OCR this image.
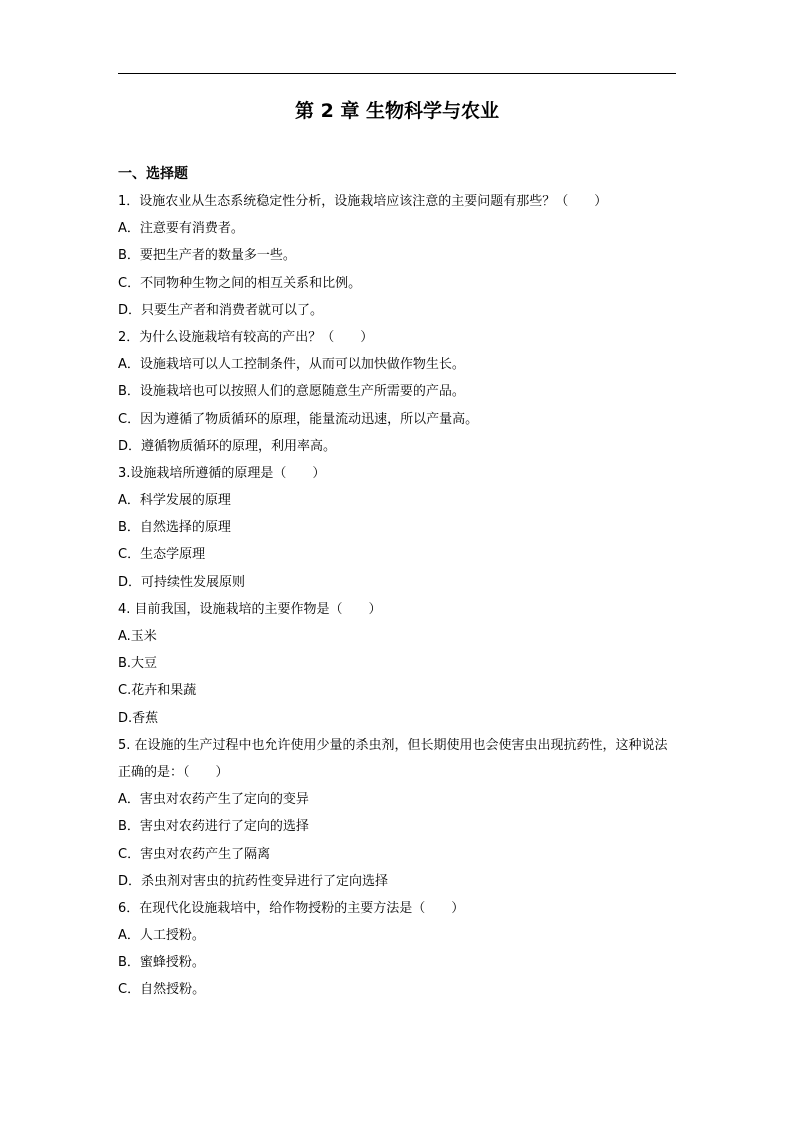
第 2 章 生物科学与农业
一、选择题
1．设施农业从生态系统稳定性分析，设施栽培应该注意的主要问题有那些？（　　）
A．注意要有消费者。
B．要把生产者的数量多一些。
C．不同物种生物之间的相互关系和比例。
D．只要生产者和消费者就可以了。
2．为什么设施栽培有较高的产出？（　　）
A．设施栽培可以人工控制条件，从而可以加快做作物生长。
B．设施栽培也可以按照人们的意愿随意生产所需要的产品。
C．因为遵循了物质循环的原理，能量流动迅速，所以产量高。
D．遵循物质循环的原理，利用率高。
3.设施栽培所遵循的原理是（　　）
A．科学发展的原理
B．自然选择的原理
C．生态学原理
D．可持续性发展原则
4. 目前我国，设施栽培的主要作物是（　　）
A.玉米
B.大豆
C.花卉和果蔬
D.香蕉
5. 在设施的生产过程中也允许使用少量的杀虫剂，但长期使用也会使害虫出现抗药性，这种说法正确的是：（　　）
A．害虫对农药产生了定向的变异
B．害虫对农药进行了定向的选择
C．害虫对农药产生了隔离
D．杀虫剂对害虫的抗药性变异进行了定向选择
6．在现代化设施栽培中，给作物授粉的主要方法是（　　）
A．人工授粉。
B．蜜蜂授粉。
C．自然授粉。
